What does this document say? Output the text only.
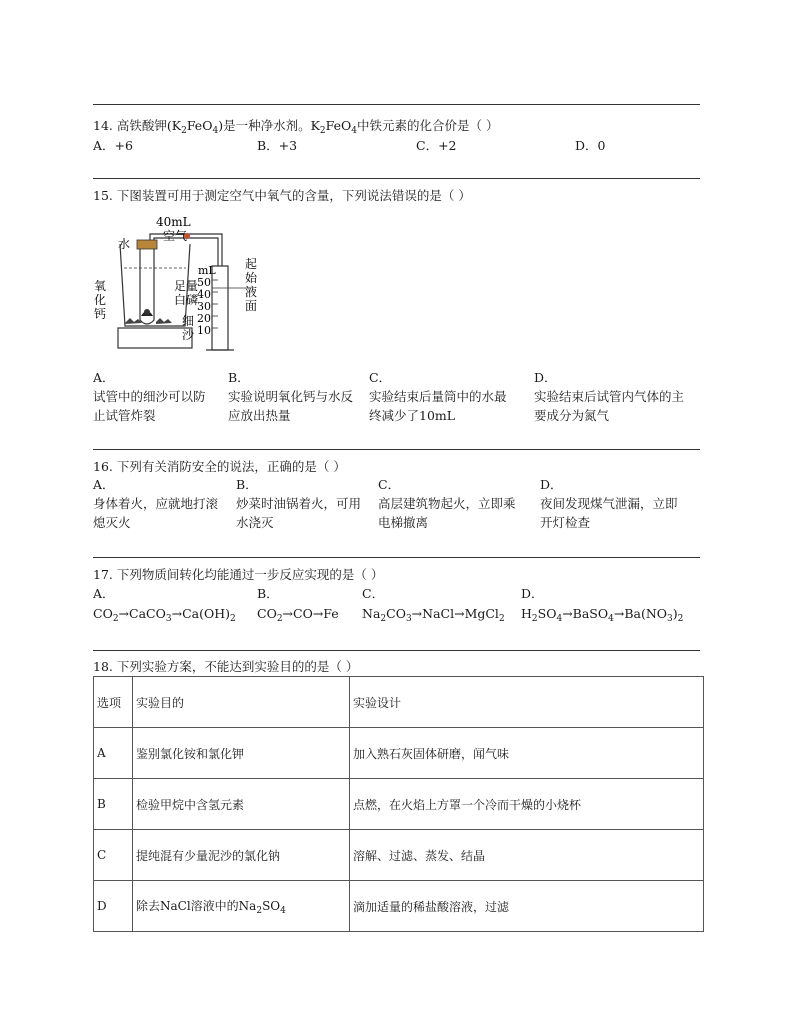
14. 高铁酸钾$(K_2FeO_4)$是一种净水剂。$K_2FeO_4$中铁元素的化合价是（ ）
A．+6	B．+3	C．+2	D．0
15. 下图装置可用于测定空气中氧气的含量，下列说法错误的是（ ）
40mL
空气
水
mL
氧
化
钙
足量
白磷
细
沙
50
40
30
20
10
起
始
液
面
A．
试管中的细沙可以防
止试管炸裂
B．
实验说明氧化钙与水反
应放出热量
C．
实验结束后量筒中的水最
终减少了10mL
D．
实验结束后试管内气体的主
要成分为氮气
16. 下列有关消防安全的说法，正确的是（ ）
A．
身体着火，应就地打滚
熄灭火
B．
炒菜时油锅着火，可用
水浇灭
C．
高层建筑物起火，立即乘
电梯撤离
D．
夜间发现煤气泄漏，立即
开灯检查
17. 下列物质间转化均能通过一步反应实现的是（ ）
A．	B．	C．	D．
$CO_2\to CaCO_3\to Ca(OH)_2$ $CO_2\to CO\to Fe$ $Na_2CO_3\to NaCl\to MgCl_2$ $H_2SO_4\to BaSO_4\to Ba(NO_3)_2$
18. 下列实验方案，不能达到实验目的的是（ ）
选项	实验目的	实验设计
A	鉴别氯化铵和氯化钾	加入熟石灰固体研磨，闻气味
B	检验甲烷中含氢元素	点燃，在火焰上方罩一个冷而干燥的小烧杯
C	提纯混有少量泥沙的氯化钠	溶解、过滤、蒸发、结晶
D	除去NaCl溶液中的$Na_2SO_4$	滴加适量的稀盐酸溶液，过滤
